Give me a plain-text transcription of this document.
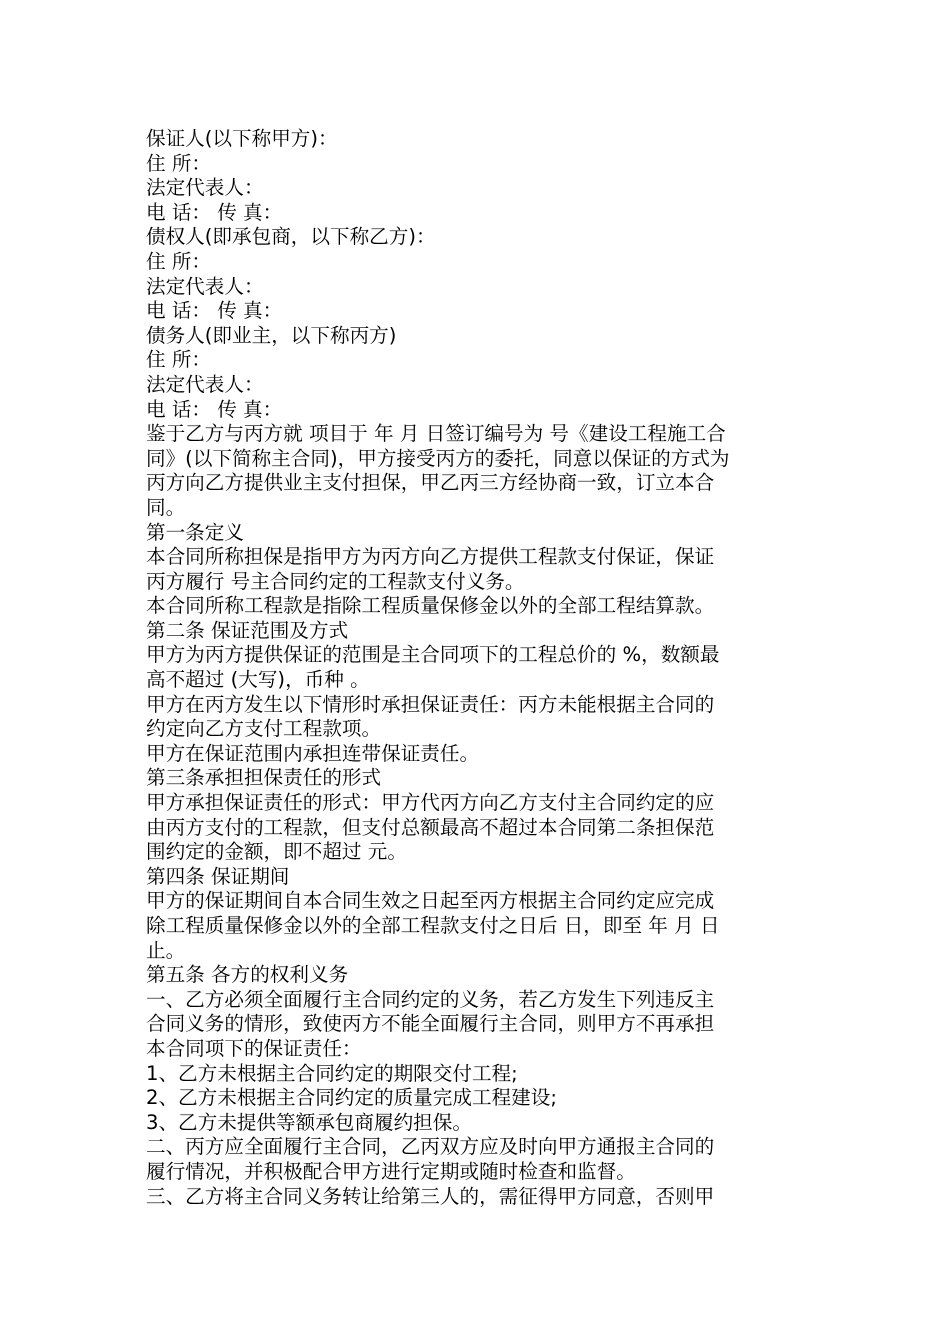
保证人(以下称甲方)：
住 所：
法定代表人：
电 话： 传 真：
债权人(即承包商，以下称乙方)：
住 所：
法定代表人：
电 话： 传 真：
债务人(即业主，以下称丙方)
住 所：
法定代表人：
电 话： 传 真：
鉴于乙方与丙方就 项目于 年 月 日签订编号为 号《建设工程施工合
同》(以下简称主合同)，甲方接受丙方的委托，同意以保证的方式为
丙方向乙方提供业主支付担保，甲乙丙三方经协商一致，订立本合
同。
第一条定义
本合同所称担保是指甲方为丙方向乙方提供工程款支付保证，保证
丙方履行 号主合同约定的工程款支付义务。
本合同所称工程款是指除工程质量保修金以外的全部工程结算款。
第二条 保证范围及方式
甲方为丙方提供保证的范围是主合同项下的工程总价的 %，数额最
高不超过 (大写)，币种 。
甲方在丙方发生以下情形时承担保证责任：丙方未能根据主合同的
约定向乙方支付工程款项。
甲方在保证范围内承担连带保证责任。
第三条承担担保责任的形式
甲方承担保证责任的形式：甲方代丙方向乙方支付主合同约定的应
由丙方支付的工程款，但支付总额最高不超过本合同第二条担保范
围约定的金额，即不超过 元。
第四条 保证期间
甲方的保证期间自本合同生效之日起至丙方根据主合同约定应完成
除工程质量保修金以外的全部工程款支付之日后 日，即至 年 月 日
止。
第五条 各方的权利义务
一、乙方必须全面履行主合同约定的义务，若乙方发生下列违反主
合同义务的情形，致使丙方不能全面履行主合同，则甲方不再承担
本合同项下的保证责任：
1、乙方未根据主合同约定的期限交付工程;
2、乙方未根据主合同约定的质量完成工程建设;
3、乙方未提供等额承包商履约担保。
二、丙方应全面履行主合同，乙丙双方应及时向甲方通报主合同的
履行情况，并积极配合甲方进行定期或随时检查和监督。
三、乙方将主合同义务转让给第三人的，需征得甲方同意，否则甲
